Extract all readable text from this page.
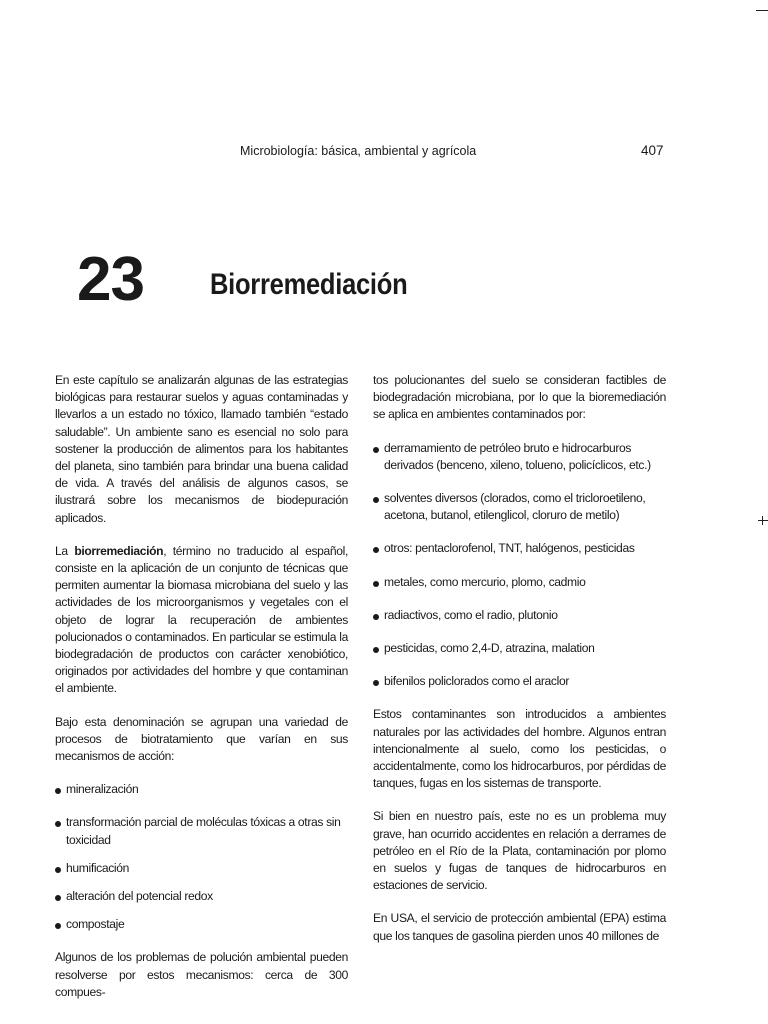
Microbiología: básica, ambiental y agrícola	407
23 Biorremediación

En este capítulo se analizarán algunas de las estrategias biológicas para restaurar suelos y aguas contaminadas y llevarlos a un estado no tóxico, llamado también “estado saludable”. Un ambiente sano es esencial no solo para sostener la producción de alimentos para los habitantes del planeta, sino también para brindar una buena calidad de vida. A través del análisis de algunos casos, se ilustrará sobre los mecanismos de biodepuración aplicados.

La biorremediación, término no traducido al español, consiste en la aplicación de un conjunto de técnicas que permiten aumentar la biomasa microbiana del suelo y las actividades de los microorganismos y vegetales con el objeto de lograr la recuperación de ambientes polucionados o contaminados. En particular se estimula la biodegradación de productos con carácter xenobiótico, originados por actividades del hombre y que contaminan el ambiente.

Bajo esta denominación se agrupan una variedad de procesos de biotratamiento que varían en sus mecanismos de acción:

mineralización
transformación parcial de moléculas tóxicas a otras sin toxicidad
humificación
alteración del potencial redox
compostaje

Algunos de los problemas de polución ambiental pueden resolverse por estos mecanismos: cerca de 300 compues-

tos polucionantes del suelo se consideran factibles de biodegradación microbiana, por lo que la bioremediación se aplica en ambientes contaminados por:

derramamiento de petróleo bruto e hidrocarburos derivados (benceno, xileno, tolueno, policíclicos, etc.)
solventes diversos (clorados, como el tricloroetileno, acetona, butanol, etilenglicol, cloruro de metilo)
otros: pentaclorofenol, TNT, halógenos, pesticidas
metales, como mercurio, plomo, cadmio
radiactivos, como el radio, plutonio
pesticidas, como 2,4-D, atrazina, malation
bifenilos policlorados como el araclor

Estos contaminantes son introducidos a ambientes naturales por las actividades del hombre. Algunos entran intencionalmente al suelo, como los pesticidas, o accidentalmente, como los hidrocarburos, por pérdidas de tanques, fugas en los sistemas de transporte.

Si bien en nuestro país, este no es un problema muy grave, han ocurrido accidentes en relación a derrames de petróleo en el Río de la Plata, contaminación por plomo en suelos y fugas de tanques de hidrocarburos en estaciones de servicio.

En USA, el servicio de protección ambiental (EPA) estima que los tanques de gasolina pierden unos 40 millones de
